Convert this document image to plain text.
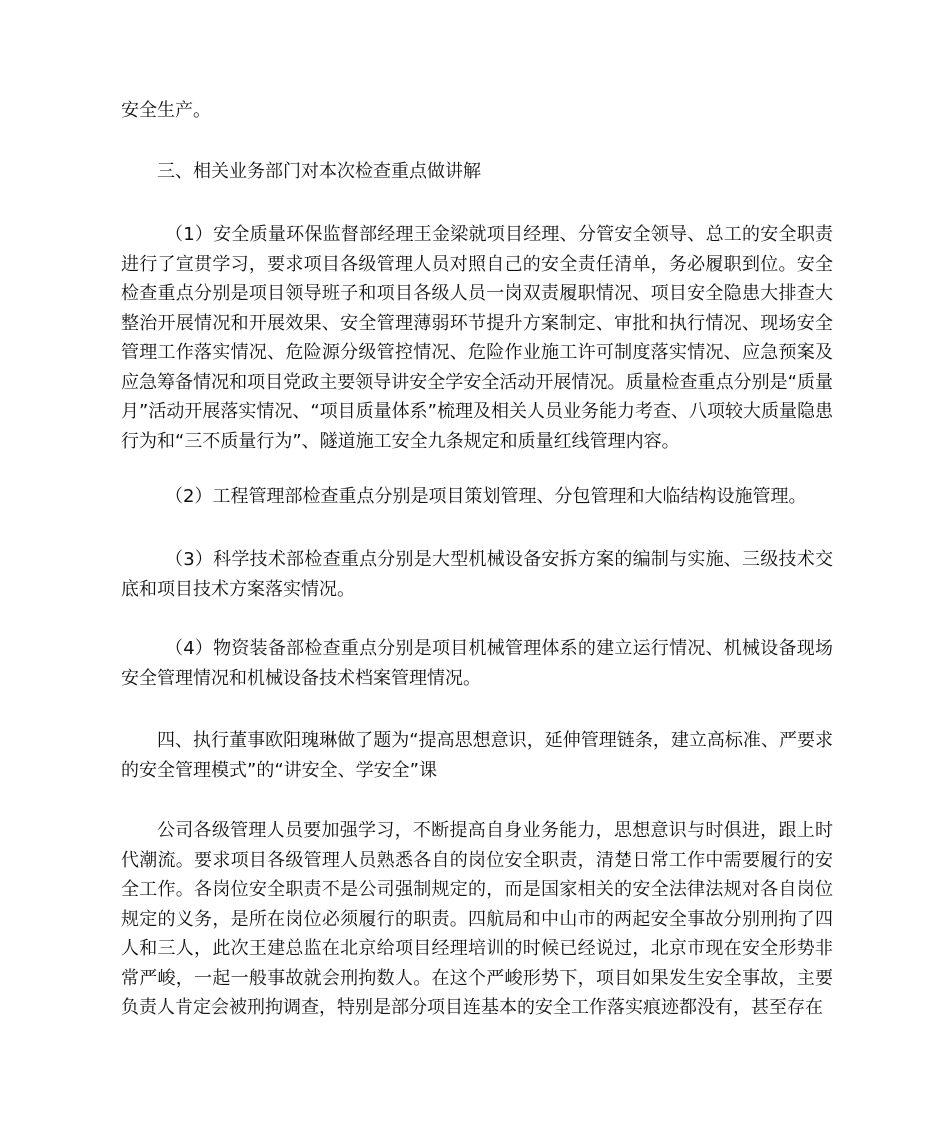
安全生产。

三、相关业务部门对本次检查重点做讲解

（1）安全质量环保监督部经理王金梁就项目经理、分管安全领导、总工的安全职责进行了宣贯学习，要求项目各级管理人员对照自己的安全责任清单，务必履职到位。安全检查重点分别是项目领导班子和项目各级人员一岗双责履职情况、项目安全隐患大排查大整治开展情况和开展效果、安全管理薄弱环节提升方案制定、审批和执行情况、现场安全管理工作落实情况、危险源分级管控情况、危险作业施工许可制度落实情况、应急预案及应急筹备情况和项目党政主要领导讲安全学安全活动开展情况。质量检查重点分别是“质量月”活动开展落实情况、“项目质量体系”梳理及相关人员业务能力考查、八项较大质量隐患行为和“三不质量行为”、隧道施工安全九条规定和质量红线管理内容。

（2）工程管理部检查重点分别是项目策划管理、分包管理和大临结构设施管理。

（3）科学技术部检查重点分别是大型机械设备安拆方案的编制与实施、三级技术交底和项目技术方案落实情况。

（4）物资装备部检查重点分别是项目机械管理体系的建立运行情况、机械设备现场安全管理情况和机械设备技术档案管理情况。

四、执行董事欧阳瑰琳做了题为“提高思想意识，延伸管理链条，建立高标准、严要求的安全管理模式”的“讲安全、学安全”课

公司各级管理人员要加强学习，不断提高自身业务能力，思想意识与时俱进，跟上时代潮流。要求项目各级管理人员熟悉各自的岗位安全职责，清楚日常工作中需要履行的安全工作。各岗位安全职责不是公司强制规定的，而是国家相关的安全法律法规对各自岗位规定的义务，是所在岗位必须履行的职责。四航局和中山市的两起安全事故分别刑拘了四人和三人，此次王建总监在北京给项目经理培训的时候已经说过，北京市现在安全形势非常严峻，一起一般事故就会刑拘数人。在这个严峻形势下，项目如果发生安全事故，主要负责人肯定会被刑拘调查，特别是部分项目连基本的安全工作落实痕迹都没有，甚至存在
